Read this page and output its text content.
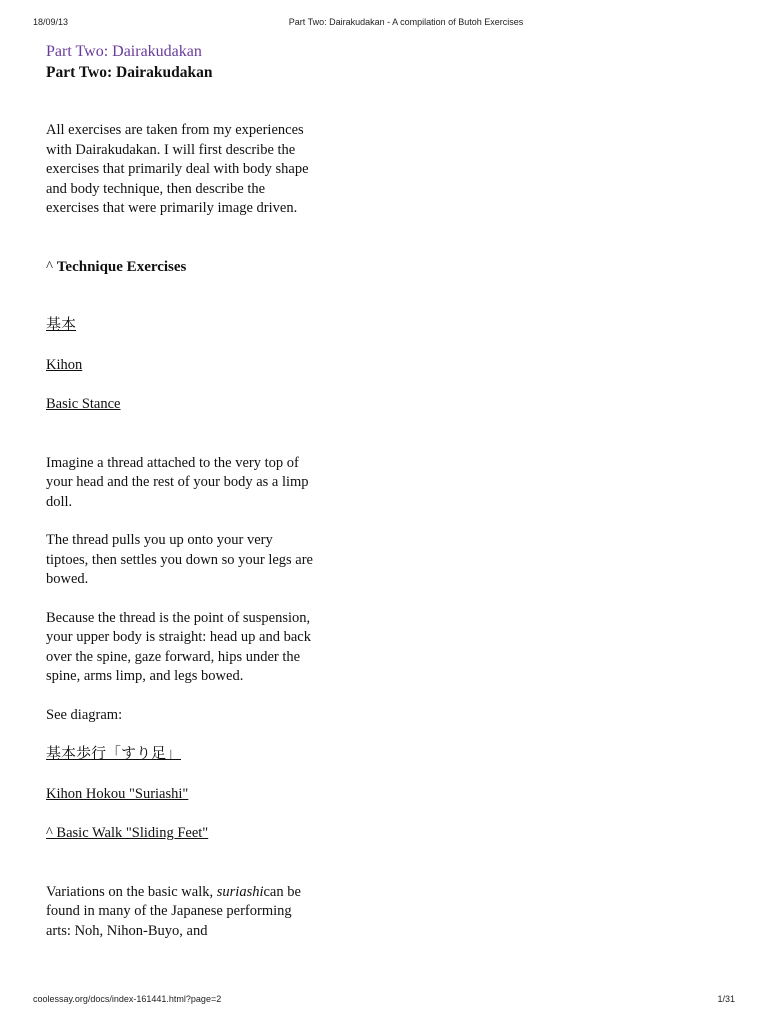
18/09/13	Part Two: Dairakudakan - A compilation of Butoh Exercises
Part Two: Dairakudakan
Part Two: Dairakudakan

All exercises are taken from my experiences with Dairakudakan. I will first describe the exercises that primarily deal with body shape and body technique, then describe the exercises that were primarily image driven.

^ Technique Exercises

基本

Kihon

Basic Stance

Imagine a thread attached to the very top of your head and the rest of your body as a limp doll.

The thread pulls you up onto your very tiptoes, then settles you down so your legs are bowed.

Because the thread is the point of suspension, your upper body is straight: head up and back over the spine, gaze forward, hips under the spine, arms limp, and legs bowed.

See diagram:

基本歩行「すり足」

Kihon Hokou "Suriashi"

^ Basic Walk "Sliding Feet"

Variations on the basic walk, suriashican be found in many of the Japanese performing arts: Noh, Nihon-Buyo, and

coolessay.org/docs/index-161441.html?page=2	1/31
